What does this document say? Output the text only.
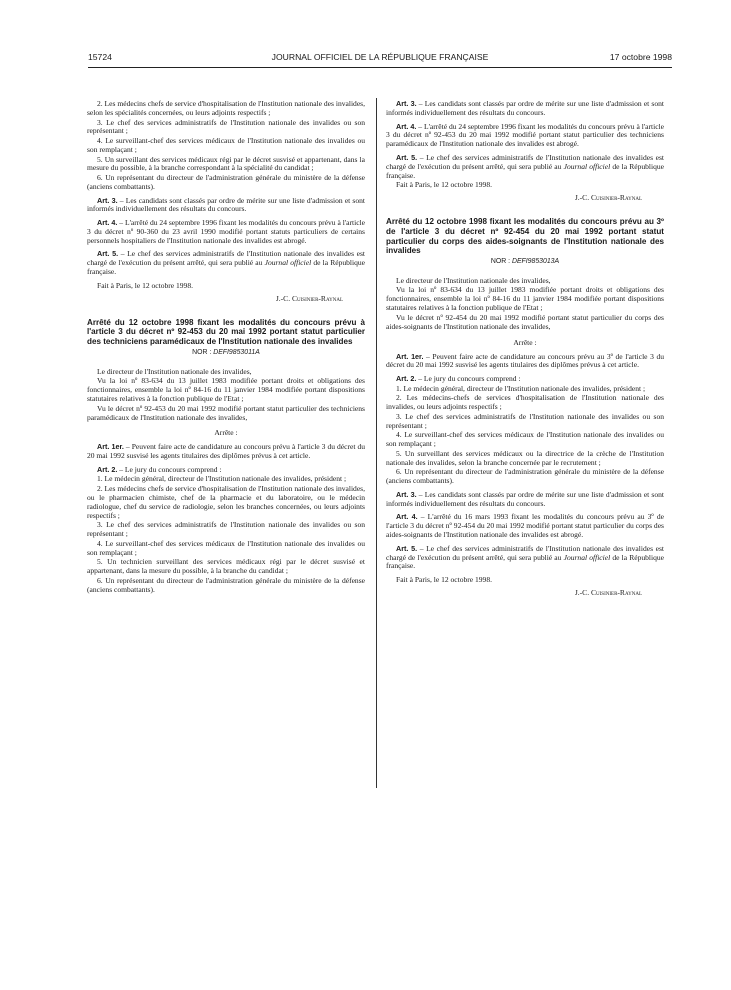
JOURNAL OFFICIEL DE LA RÉPUBLIQUE FRANÇAISE
15724	17 octobre 1998

2. Les médecins chefs de service d'hospitalisation de l'Institution nationale des invalides, selon les spécialités concernées, ou leurs adjoints respectifs ;

3. Le chef des services administratifs de l'Institution nationale des invalides ou son représentant ;

4. Le surveillant-chef des services médicaux de l'Institution nationale des invalides ou son remplaçant ;

5. Un surveillant des services médicaux régi par le décret susvisé et appartenant, dans la mesure du possible, à la branche correspondant à la spécialité du candidat ;

6. Un représentant du directeur de l'administration générale du ministère de la défense (anciens combattants).

Art. 3. – Les candidats sont classés par ordre de mérite sur une liste d'admission et sont informés individuellement des résultats du concours.

Art. 4. – L'arrêté du 24 septembre 1996 fixant les modalités du concours prévu à l'article 3 du décret nº 90-360 du 23 avril 1990 modifié portant statuts particuliers de certains personnels hospitaliers de l'Institution nationale des invalides est abrogé.

Art. 5. – Le chef des services administratifs de l'Institution nationale des invalides est chargé de l'exécution du présent arrêté, qui sera publié au Journal officiel de la République française.

Fait à Paris, le 12 octobre 1998.

J.-C. Cuisinier-Raynal

Arrêté du 12 octobre 1998 fixant les modalités du concours prévu à l'article 3 du décret nº 92-453 du 20 mai 1992 portant statut particulier des techniciens paramédicaux de l'Institution nationale des invalides

NOR : DEFI9853011A

Le directeur de l'Institution nationale des invalides,

Vu la loi nº 83-634 du 13 juillet 1983 modifiée portant droits et obligations des fonctionnaires, ensemble la loi nº 84-16 du 11 janvier 1984 modifiée portant dispositions statutaires relatives à la fonction publique de l'Etat ;

Vu le décret nº 92-453 du 20 mai 1992 modifié portant statut particulier des techniciens paramédicaux de l'Institution nationale des invalides,

Arrête :

Art. 1er. – Peuvent faire acte de candidature au concours prévu à l'article 3 du décret du 20 mai 1992 susvisé les agents titulaires des diplômes prévus à cet article.

Art. 2. – Le jury du concours comprend :

1. Le médecin général, directeur de l'Institution nationale des invalides, président ;

2. Les médecins chefs de service d'hospitalisation de l'Institution nationale des invalides, ou le pharmacien chimiste, chef de la pharmacie et du laboratoire, ou le médecin radiologue, chef du service de radiologie, selon les branches concernées, ou leurs adjoints respectifs ;

3. Le chef des services administratifs de l'Institution nationale des invalides ou son représentant ;

4. Le surveillant-chef des services médicaux de l'Institution nationale des invalides ou son remplaçant ;

5. Un technicien surveillant des services médicaux régi par le décret susvisé et appartenant, dans la mesure du possible, à la branche du candidat ;

6. Un représentant du directeur de l'administration générale du ministère de la défense (anciens combattants).

Art. 3. – Les candidats sont classés par ordre de mérite sur une liste d'admission et sont informés individuellement des résultats du concours.

Art. 4. – L'arrêté du 24 septembre 1996 fixant les modalités du concours prévu à l'article 3 du décret nº 92-453 du 20 mai 1992 modifié portant statut particulier des techniciens paramédicaux de l'Institution nationale des invalides est abrogé.

Art. 5. – Le chef des services administratifs de l'Institution nationale des invalides est chargé de l'exécution du présent arrêté, qui sera publié au Journal officiel de la République française.

Fait à Paris, le 12 octobre 1998.

J.-C. Cuisinier-Raynal

Arrêté du 12 octobre 1998 fixant les modalités du concours prévu au 3º de l'article 3 du décret nº 92-454 du 20 mai 1992 portant statut particulier du corps des aides-soignants de l'Institution nationale des invalides

NOR : DEFI9853013A

Le directeur de l'Institution nationale des invalides,

Vu la loi nº 83-634 du 13 juillet 1983 modifiée portant droits et obligations des fonctionnaires, ensemble la loi nº 84-16 du 11 janvier 1984 modifiée portant dispositions statutaires relatives à la fonction publique de l'Etat ;

Vu le décret nº 92-454 du 20 mai 1992 modifié portant statut particulier du corps des aides-soignants de l'Institution nationale des invalides,

Arrête :

Art. 1er. – Peuvent faire acte de candidature au concours prévu au 3º de l'article 3 du décret du 20 mai 1992 susvisé les agents titulaires des diplômes prévus à cet article.

Art. 2. – Le jury du concours comprend :

1. Le médecin général, directeur de l'Institution nationale des invalides, président ;

2. Les médecins-chefs de services d'hospitalisation de l'Institution nationale des invalides, ou leurs adjoints respectifs ;

3. Le chef des services administratifs de l'Institution nationale des invalides ou son représentant ;

4. Le surveillant-chef des services médicaux de l'Institution nationale des invalides ou son remplaçant ;

5. Un surveillant des services médicaux ou la directrice de la crèche de l'Institution nationale des invalides, selon la branche concernée par le recrutement ;

6. Un représentant du directeur de l'administration générale du ministère de la défense (anciens combattants).

Art. 3. – Les candidats sont classés par ordre de mérite sur une liste d'admission et sont informés individuellement des résultats du concours.

Art. 4. – L'arrêté du 16 mars 1993 fixant les modalités du concours prévu au 3º de l'article 3 du décret nº 92-454 du 20 mai 1992 modifié portant statut particulier du corps des aides-soignants de l'Institution nationale des invalides est abrogé.

Art. 5. – Le chef des services administratifs de l'Institution nationale des invalides est chargé de l'exécution du présent arrêté, qui sera publié au Journal officiel de la République française.

Fait à Paris, le 12 octobre 1998.

J.-C. Cuisinier-Raynal
